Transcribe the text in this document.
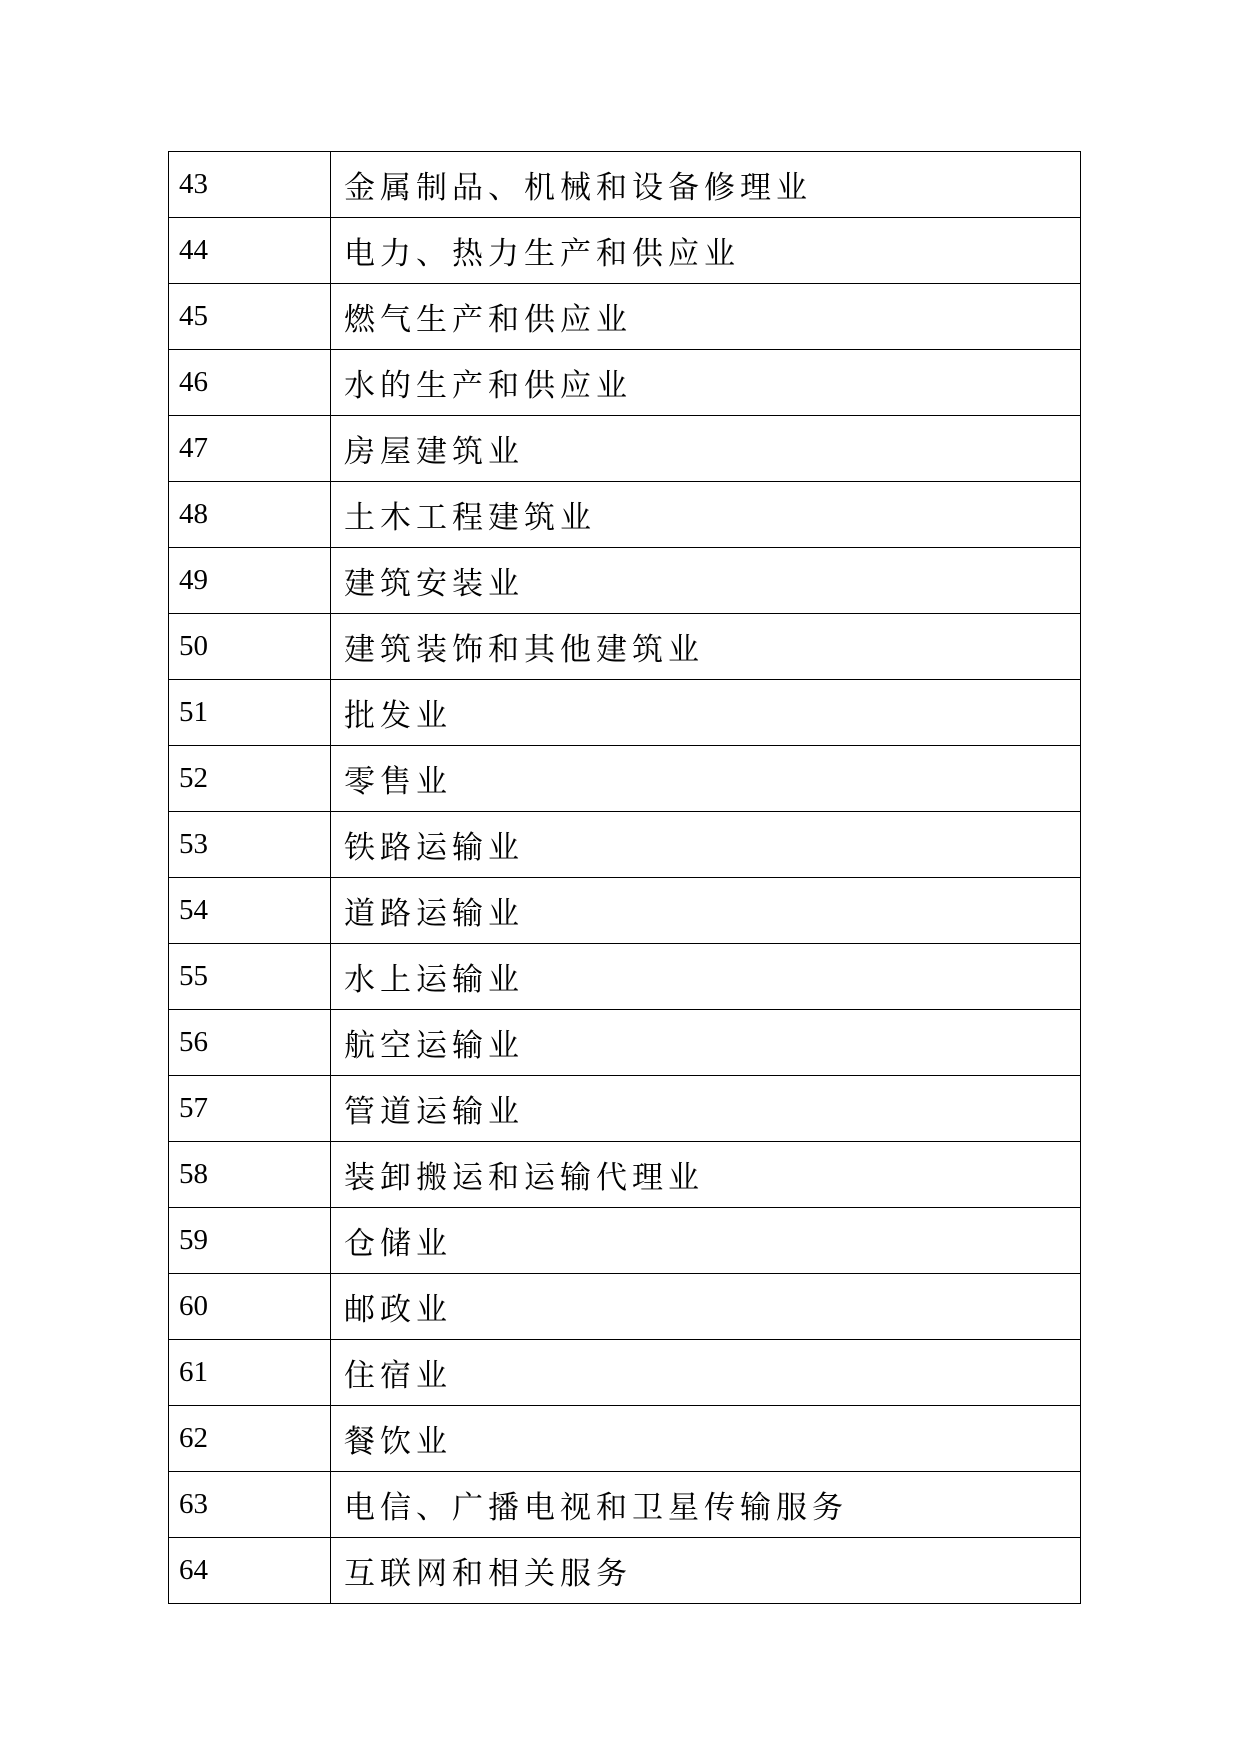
43	金属制品、机械和设备修理业
44	电力、热力生产和供应业
45	燃气生产和供应业
46	水的生产和供应业
47	房屋建筑业
48	土木工程建筑业
49	建筑安装业
50	建筑装饰和其他建筑业
51	批发业
52	零售业
53	铁路运输业
54	道路运输业
55	水上运输业
56	航空运输业
57	管道运输业
58	装卸搬运和运输代理业
59	仓储业
60	邮政业
61	住宿业
62	餐饮业
63	电信、广播电视和卫星传输服务
64	互联网和相关服务
